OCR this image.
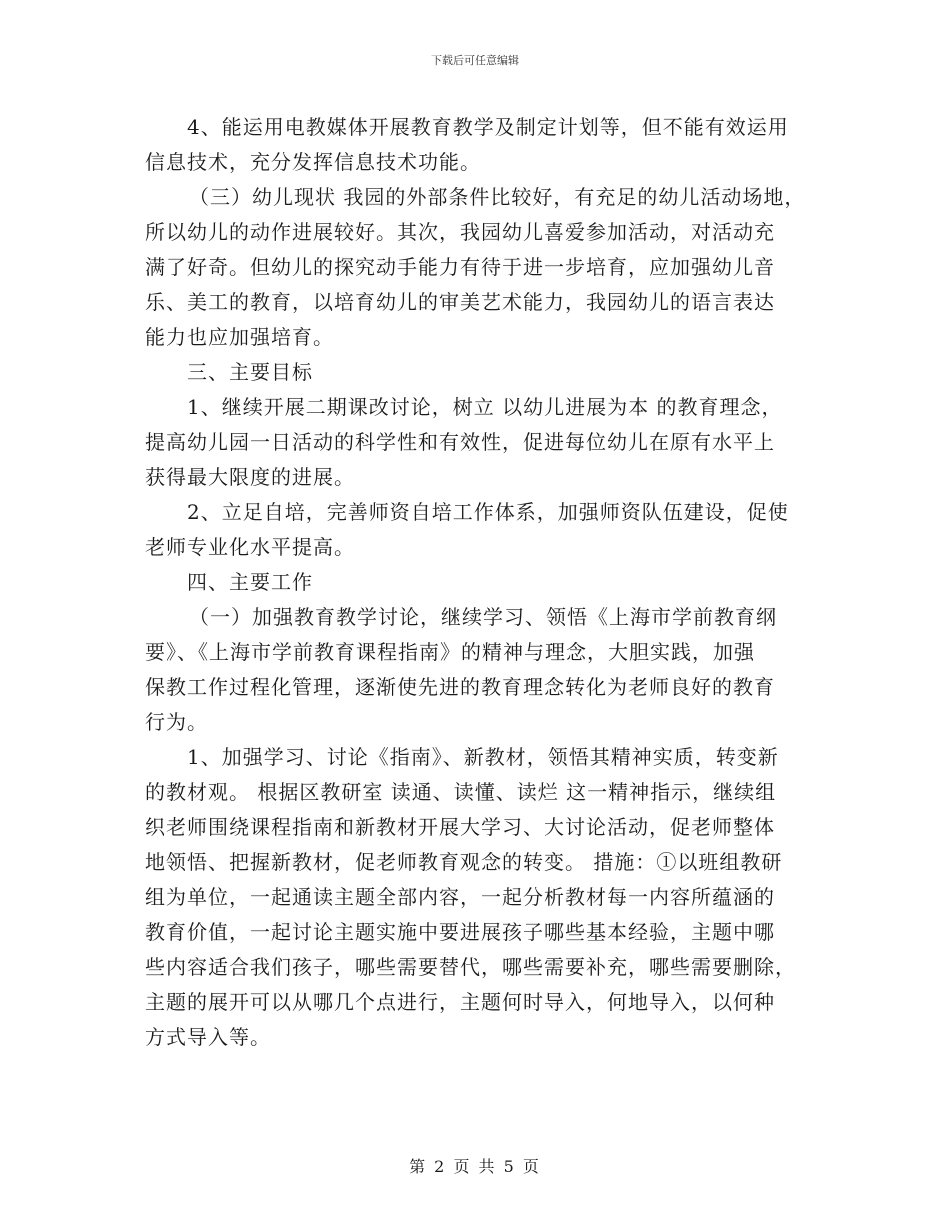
下载后可任意编辑
4、能运用电教媒体开展教育教学及制定计划等，但不能有效运用
信息技术，充分发挥信息技术功能。
（三）幼儿现状 我园的外部条件比较好，有充足的幼儿活动场地，
所以幼儿的动作进展较好。其次，我园幼儿喜爱参加活动，对活动充
满了好奇。但幼儿的探究动手能力有待于进一步培育，应加强幼儿音
乐、美工的教育，以培育幼儿的审美艺术能力，我园幼儿的语言表达
能力也应加强培育。
三、主要目标
1、继续开展二期课改讨论，树立 以幼儿进展为本 的教育理念，
提高幼儿园一日活动的科学性和有效性，促进每位幼儿在原有水平上
获得最大限度的进展。
2、立足自培，完善师资自培工作体系，加强师资队伍建设，促使
老师专业化水平提高。
四、主要工作
（一）加强教育教学讨论，继续学习、领悟《上海市学前教育纲
要》、《上海市学前教育课程指南》的精神与理念，大胆实践，加强
保教工作过程化管理，逐渐使先进的教育理念转化为老师良好的教育
行为。
1、加强学习、讨论《指南》、新教材，领悟其精神实质，转变新
的教材观。 根据区教研室 读通、读懂、读烂 这一精神指示，继续组
织老师围绕课程指南和新教材开展大学习、大讨论活动，促老师整体
地领悟、把握新教材，促老师教育观念的转变。 措施：①以班组教研
组为单位，一起通读主题全部内容，一起分析教材每一内容所蕴涵的
教育价值，一起讨论主题实施中要进展孩子哪些基本经验，主题中哪
些内容适合我们孩子，哪些需要替代，哪些需要补充，哪些需要删除，
主题的展开可以从哪几个点进行，主题何时导入，何地导入，以何种
方式导入等。
第 2 页 共 5 页
